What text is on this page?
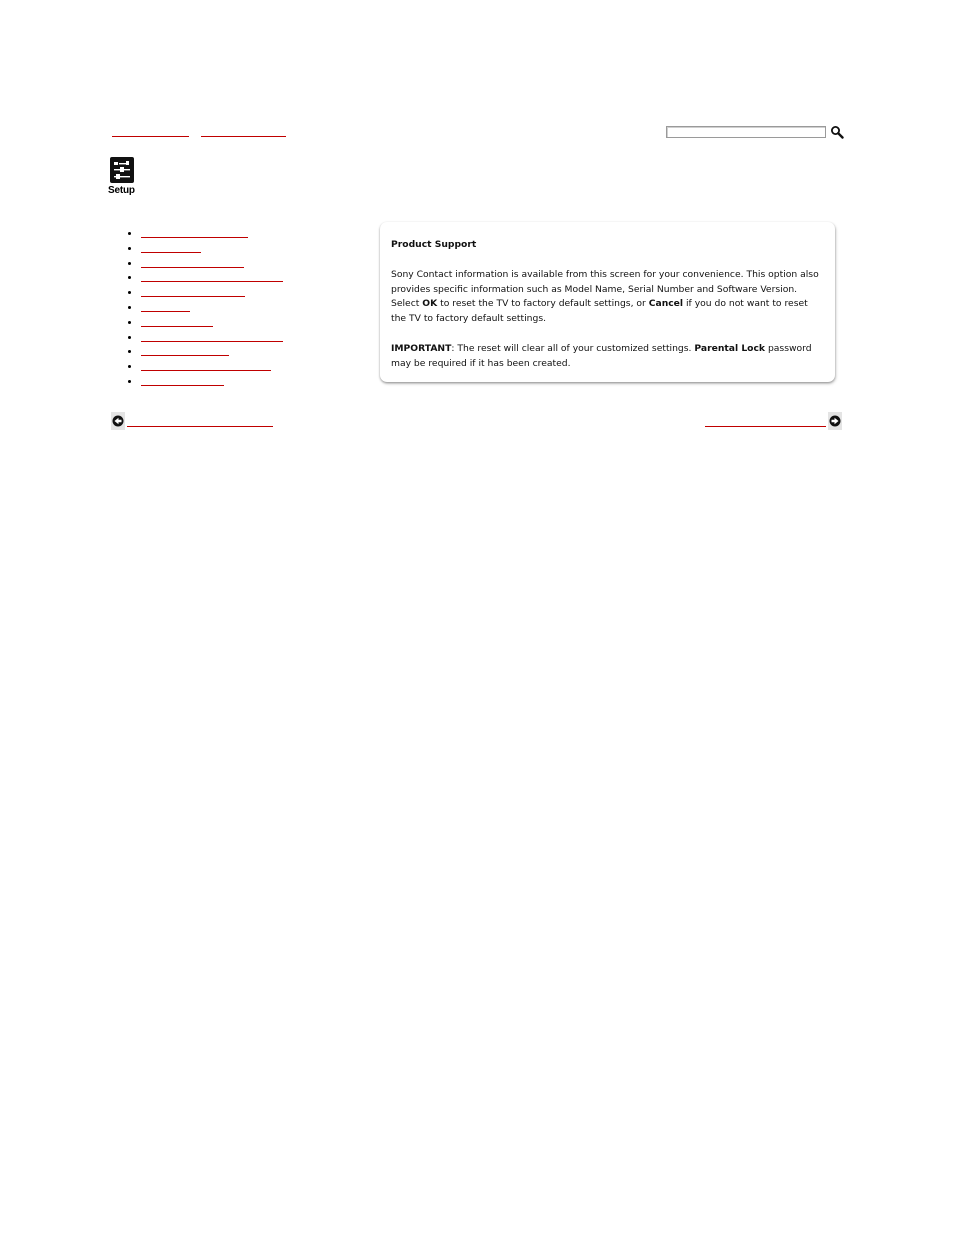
Setup
•
•
•
•
•
•
•
•
•
•
•
Product Support

Sony Contact information is available from this screen for your convenience. This option also provides specific information such as Model Name, Serial Number and Software Version.

Select OK to reset the TV to factory default settings, or Cancel if you do not want to reset the TV to factory default settings.

IMPORTANT: The reset will clear all of your customized settings. Parental Lock password may be required if it has been created.
